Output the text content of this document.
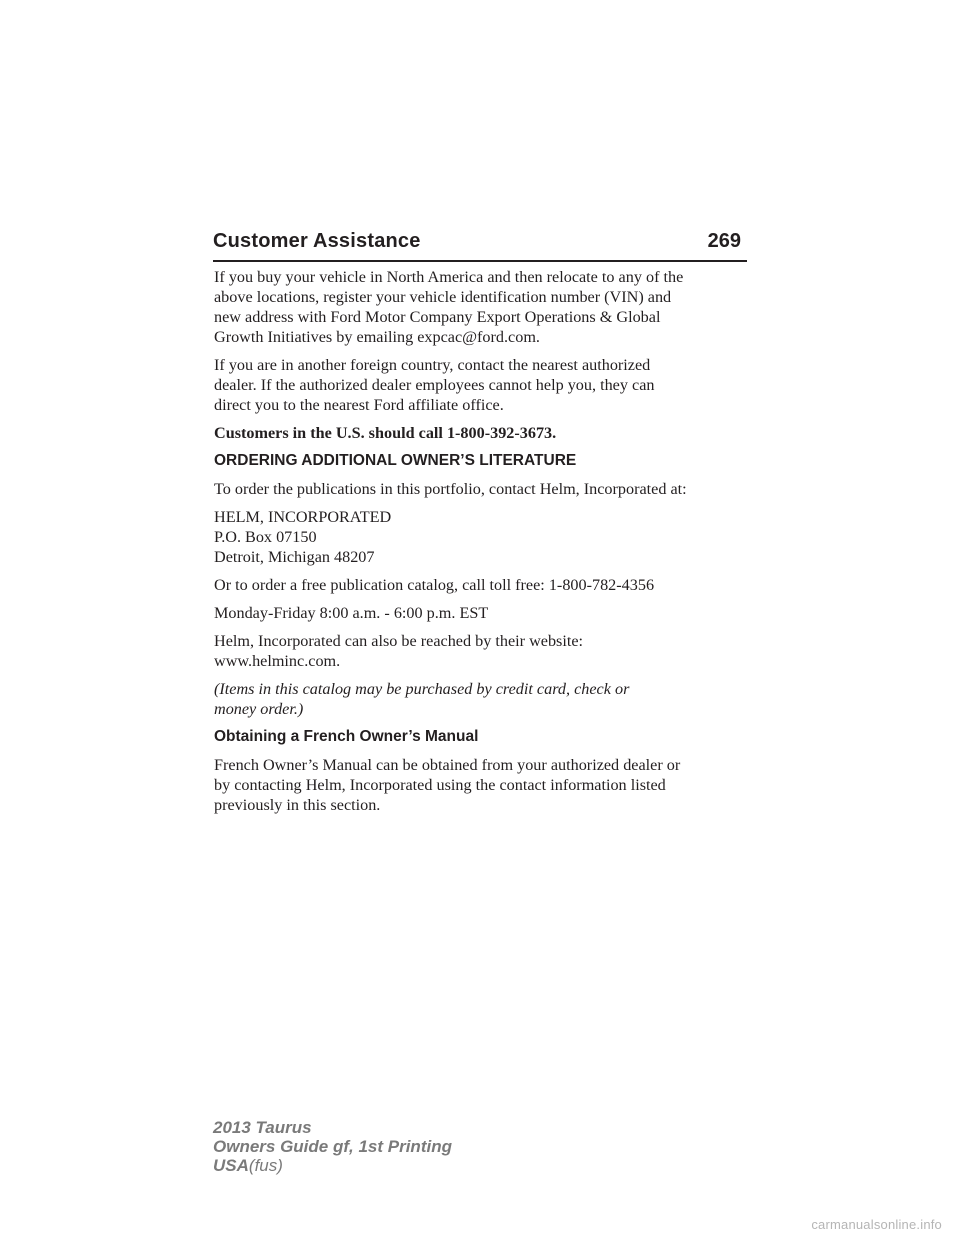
Customer Assistance	269

If you buy your vehicle in North America and then relocate to any of the
above locations, register your vehicle identification number (VIN) and
new address with Ford Motor Company Export Operations & Global
Growth Initiatives by emailing expcac@ford.com.

If you are in another foreign country, contact the nearest authorized
dealer. If the authorized dealer employees cannot help you, they can
direct you to the nearest Ford affiliate office.

Customers in the U.S. should call 1-800-392-3673.

ORDERING ADDITIONAL OWNER’S LITERATURE

To order the publications in this portfolio, contact Helm, Incorporated at:

HELM, INCORPORATED
P.O. Box 07150
Detroit, Michigan 48207

Or to order a free publication catalog, call toll free: 1-800-782-4356

Monday-Friday 8:00 a.m. - 6:00 p.m. EST

Helm, Incorporated can also be reached by their website:
www.helminc.com.

(Items in this catalog may be purchased by credit card, check or
money order.)

Obtaining a French Owner’s Manual

French Owner’s Manual can be obtained from your authorized dealer or
by contacting Helm, Incorporated using the contact information listed
previously in this section.

2013 Taurus
Owners Guide gf, 1st Printing
USA(fus)
carmanualsonline.info
